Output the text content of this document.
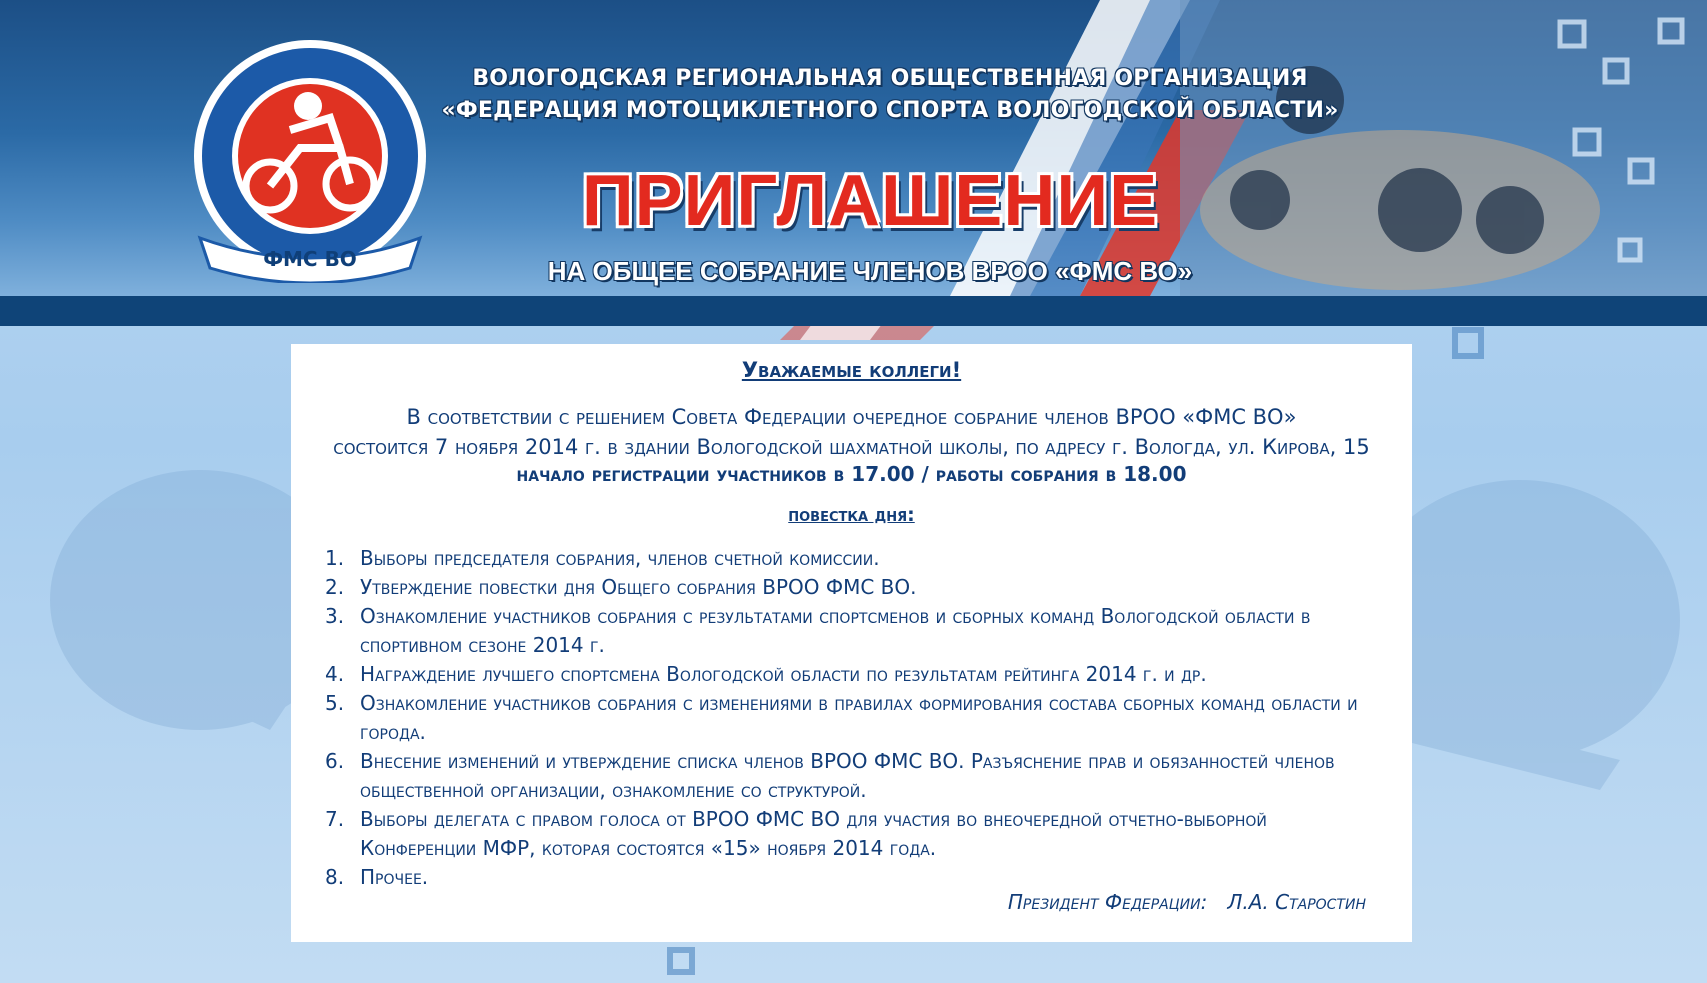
ФМС ВО
ВОЛОГОДСКАЯ РЕГИОНАЛЬНАЯ ОБЩЕСТВЕННАЯ ОРГАНИЗАЦИЯ
«ФЕДЕРАЦИЯ МОТОЦИКЛЕТНОГО СПОРТА ВОЛОГОДСКОЙ ОБЛАСТИ»
ПРИГЛАШЕНИЕ
НА ОБЩЕЕ СОБРАНИЕ ЧЛЕНОВ ВРОО «ФМС ВО»
Уважаемые коллеги!
В соответствии с решением Совета Федерации очередное собрание членов ВРОО «ФМС ВО»
состоится 7 ноября 2014 г. в здании Вологодской шахматной школы, по адресу г. Вологда, ул. Кирова, 15
начало регистрации участников в 17.00 / работы собрания в 18.00
повестка дня:
1. Выборы председателя собрания, членов счетной комиссии.
2. Утверждение повестки дня Общего собрания ВРОО ФМС ВО.
3. Ознакомление участников собрания с результатами спортсменов и сборных команд Вологодской области в спортивном сезоне 2014 г.
4. Награждение лучшего спортсмена Вологодской области по результатам рейтинга 2014 г. и др.
5. Ознакомление участников собрания с изменениями в правилах формирования состава сборных команд области и города.
6. Внесение изменений и утверждение списка членов ВРОО ФМС ВО. Разъяснение прав и обязанностей членов общественной организации, ознакомление со структурой.
7. Выборы делегата с правом голоса от ВРОО ФМС ВО для участия во внеочередной отчетно-выборной Конференции МФР, которая состоятся «15» ноября 2014 года.
8. Прочее.
Президент Федерации: Л.А. Старостин
